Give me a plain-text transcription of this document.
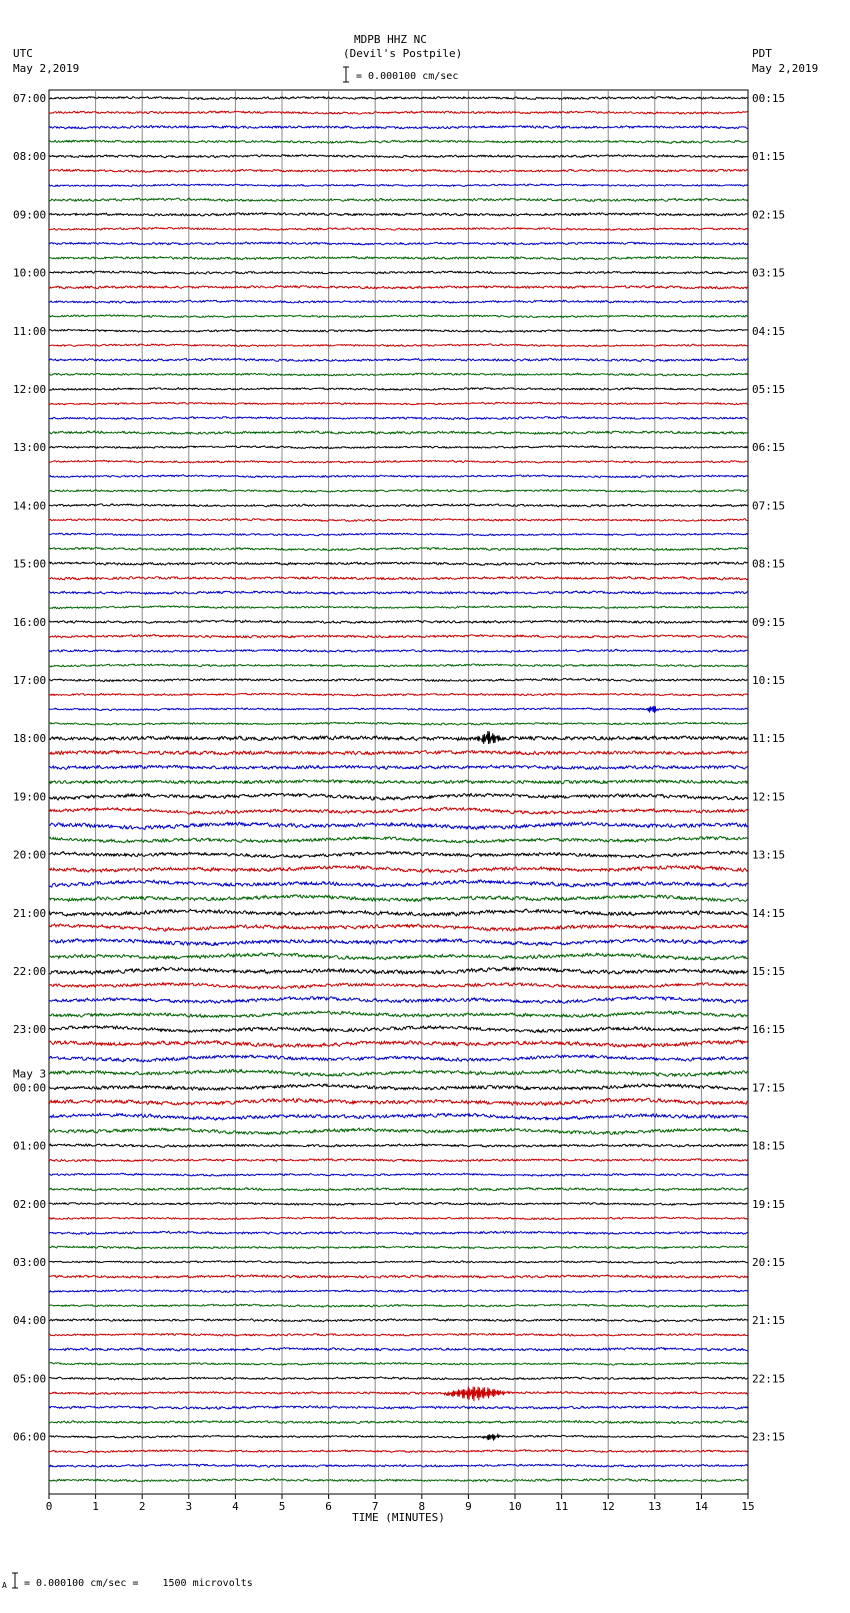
07:00	00:15
08:00	01:15
09:00	02:15
10:00	03:15
11:00	04:15
12:00	05:15
13:00	06:15
14:00	07:15
15:00	08:15
16:00	09:15
17:00	10:15
18:00	11:15
19:00	12:15
20:00	13:15
21:00	14:15
22:00	15:15
23:00	16:15
00:00	17:15
01:00	18:15
02:00	19:15
03:00	20:15
04:00	21:15
05:00	22:15
06:00	23:15
May 3
0	1	2	3	4	5	6	7	8	9	10	11	12	13	14	15
TIME (MINUTES)
MDPB HHZ NC
(Devil's Postpile)
UTC
May 2,2019
PDT
May 2,2019
= 0.000100 cm/sec
A = 0.000100 cm/sec =    1500 microvolts
